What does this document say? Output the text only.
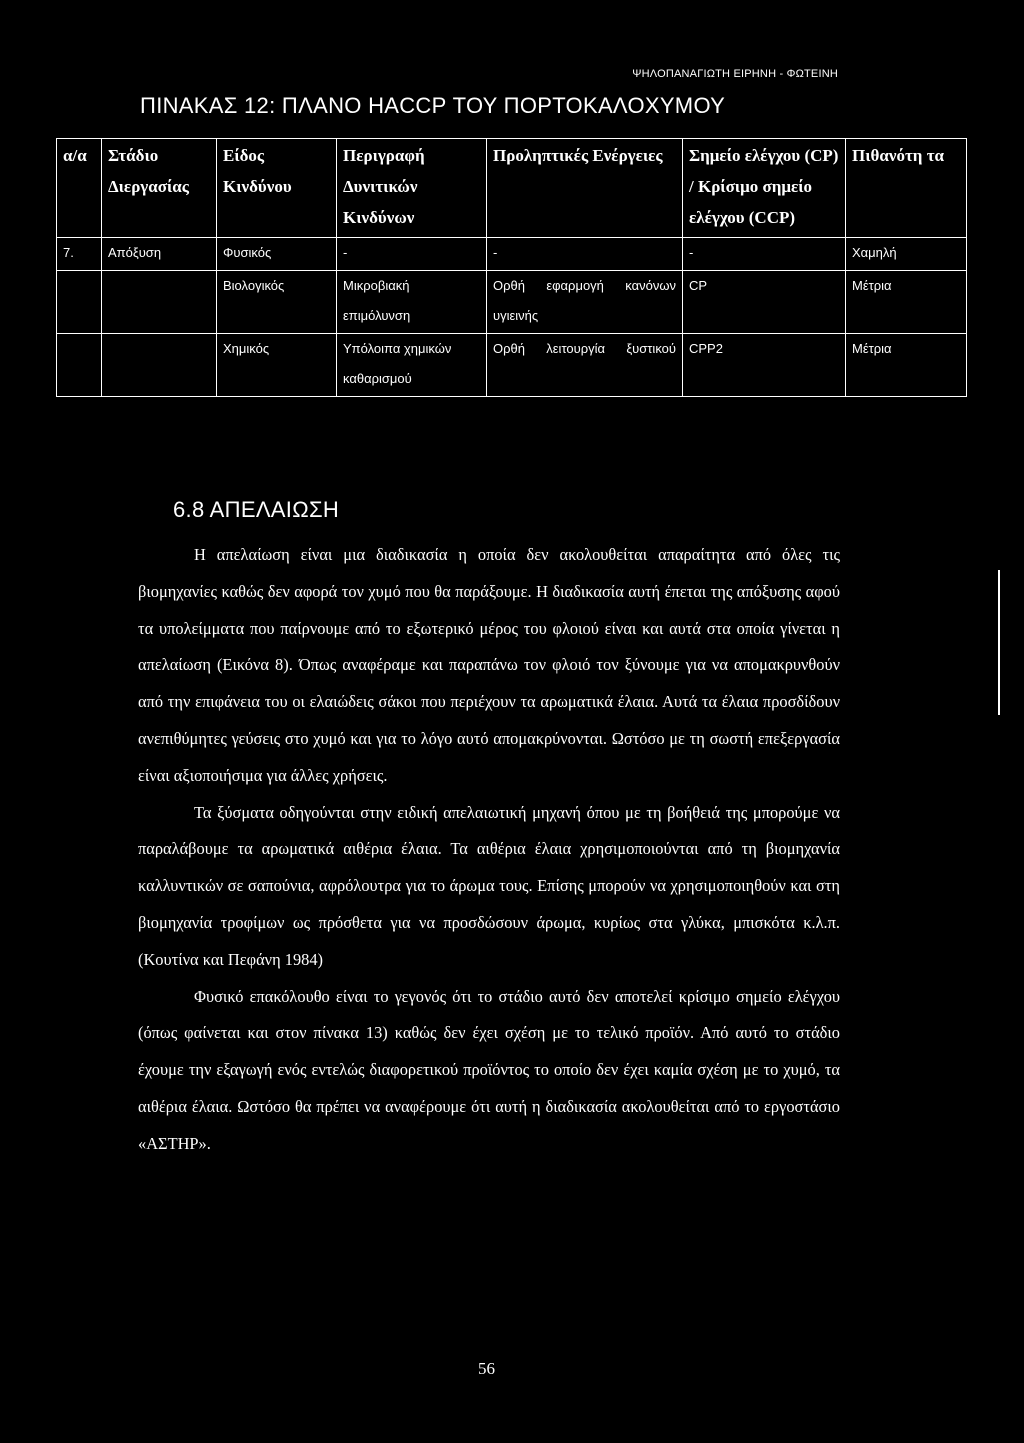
ΨΗΛΟΠΑΝΑΓΙΩΤΗ ΕΙΡΗΝΗ - ΦΩΤΕΙΝΗ
ΠΙΝΑΚΑΣ 12: ΠΛΑΝΟ HACCP ΤΟΥ ΠΟΡΤΟΚΑΛΟΧΥΜΟΥ
α/α	Στάδιο Διεργασίας	Είδος Κινδύνου	Περιγραφή Δυνιτικών Κινδύνων	Προληπτικές Ενέργειες	Σημείο ελέγχου (CP) / Κρίσιμο σημείο ελέγχου (CCP)	Πιθανότη τα
7.	Απόξυση	Φυσικός	-	-	-	Χαμηλή
		Βιολογικός	Μικροβιακή επιμόλυνση	Ορθή εφαρμογή κανόνων υγιεινής	CP	Μέτρια
		Χημικός	Υπόλοιπα χημικών καθαρισμού	Ορθή λειτουργία ξυστικού	CPP2	Μέτρια
6.8 ΑΠΕΛΑΙΩΣΗ

Η απελαίωση είναι μια διαδικασία η οποία δεν ακολουθείται απαραίτητα από όλες τις βιομηχανίες καθώς δεν αφορά τον χυμό που θα παράξουμε. Η διαδικασία αυτή έπεται της απόξυσης αφού τα υπολείμματα που παίρνουμε από το εξωτερικό μέρος του φλοιού είναι και αυτά στα οποία γίνεται η απελαίωση (Εικόνα 8). Όπως αναφέραμε και παραπάνω τον φλοιό τον ξύνουμε για να απομακρυνθούν από την επιφάνεια του οι ελαιώδεις σάκοι που περιέχουν τα αρωματικά έλαια. Αυτά τα έλαια προσδίδουν ανεπιθύμητες γεύσεις στο χυμό και για το λόγο αυτό απομακρύνονται. Ωστόσο με τη σωστή επεξεργασία είναι αξιοποιήσιμα για άλλες χρήσεις.

Τα ξύσματα οδηγούνται στην ειδική απελαιωτική μηχανή όπου με τη βοήθειά της μπορούμε να παραλάβουμε τα αρωματικά αιθέρια έλαια. Τα αιθέρια έλαια χρησιμοποιούνται από τη βιομηχανία καλλυντικών σε σαπούνια, αφρόλουτρα για το άρωμα τους. Επίσης μπορούν να χρησιμοποιηθούν και στη βιομηχανία τροφίμων ως πρόσθετα για να προσδώσουν άρωμα, κυρίως στα γλύκα, μπισκότα κ.λ.π. (Κουτίνα και Πεφάνη 1984)

Φυσικό επακόλουθο είναι το γεγονός ότι το στάδιο αυτό δεν αποτελεί κρίσιμο σημείο ελέγχου (όπως φαίνεται και στον πίνακα 13) καθώς δεν έχει σχέση με το τελικό προϊόν. Από αυτό το στάδιο έχουμε την εξαγωγή ενός εντελώς διαφορετικού προϊόντος το οποίο δεν έχει καμία σχέση με το χυμό, τα αιθέρια έλαια. Ωστόσο θα πρέπει να αναφέρουμε ότι αυτή η διαδικασία ακολουθείται από το εργοστάσιο «ΑΣΤΗΡ».

56
